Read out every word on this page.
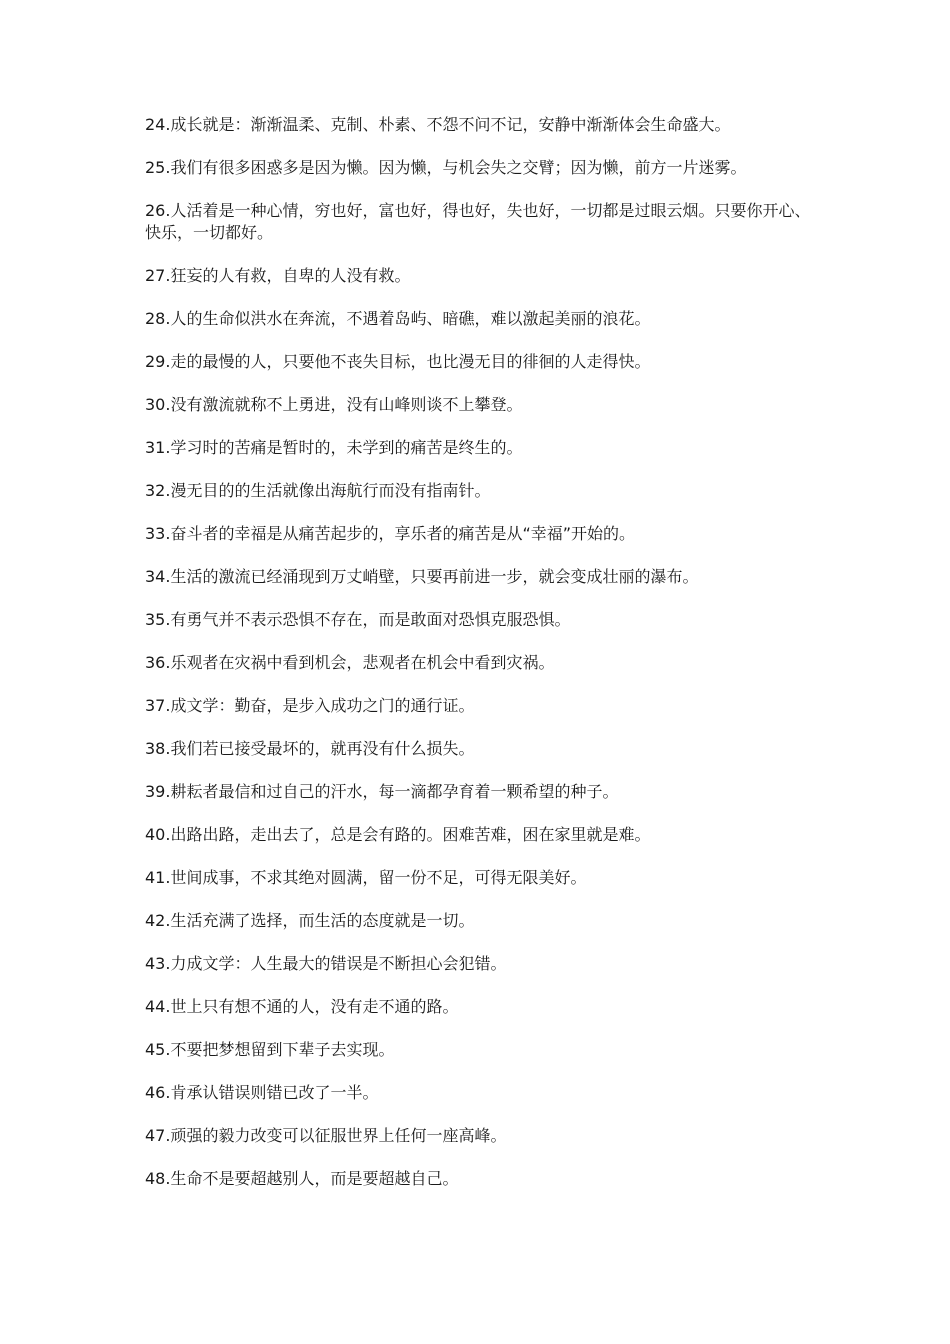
24.成长就是：渐渐温柔、克制、朴素、不怨不问不记，安静中渐渐体会生命盛大。
25.我们有很多困惑多是因为懒。因为懒，与机会失之交臂；因为懒，前方一片迷雾。
26.人活着是一种心情，穷也好，富也好，得也好，失也好，一切都是过眼云烟。只要你开心、快乐，一切都好。
27.狂妄的人有救，自卑的人没有救。
28.人的生命似洪水在奔流，不遇着岛屿、暗礁，难以激起美丽的浪花。
29.走的最慢的人，只要他不丧失目标，也比漫无目的徘徊的人走得快。
30.没有激流就称不上勇进，没有山峰则谈不上攀登。
31.学习时的苦痛是暂时的，未学到的痛苦是终生的。
32.漫无目的的生活就像出海航行而没有指南针。
33.奋斗者的幸福是从痛苦起步的，享乐者的痛苦是从“幸福”开始的。
34.生活的激流已经涌现到万丈峭壁，只要再前进一步，就会变成壮丽的瀑布。
35.有勇气并不表示恐惧不存在，而是敢面对恐惧克服恐惧。
36.乐观者在灾祸中看到机会，悲观者在机会中看到灾祸。
37.成文学：勤奋，是步入成功之门的通行证。
38.我们若已接受最坏的，就再没有什么损失。
39.耕耘者最信和过自己的汗水，每一滴都孕育着一颗希望的种子。
40.出路出路，走出去了，总是会有路的。困难苦难，困在家里就是难。
41.世间成事，不求其绝对圆满，留一份不足，可得无限美好。
42.生活充满了选择，而生活的态度就是一切。
43.力成文学：人生最大的错误是不断担心会犯错。
44.世上只有想不通的人，没有走不通的路。
45.不要把梦想留到下辈子去实现。
46.肯承认错误则错已改了一半。
47.顽强的毅力改变可以征服世界上任何一座高峰。
48.生命不是要超越别人，而是要超越自己。
